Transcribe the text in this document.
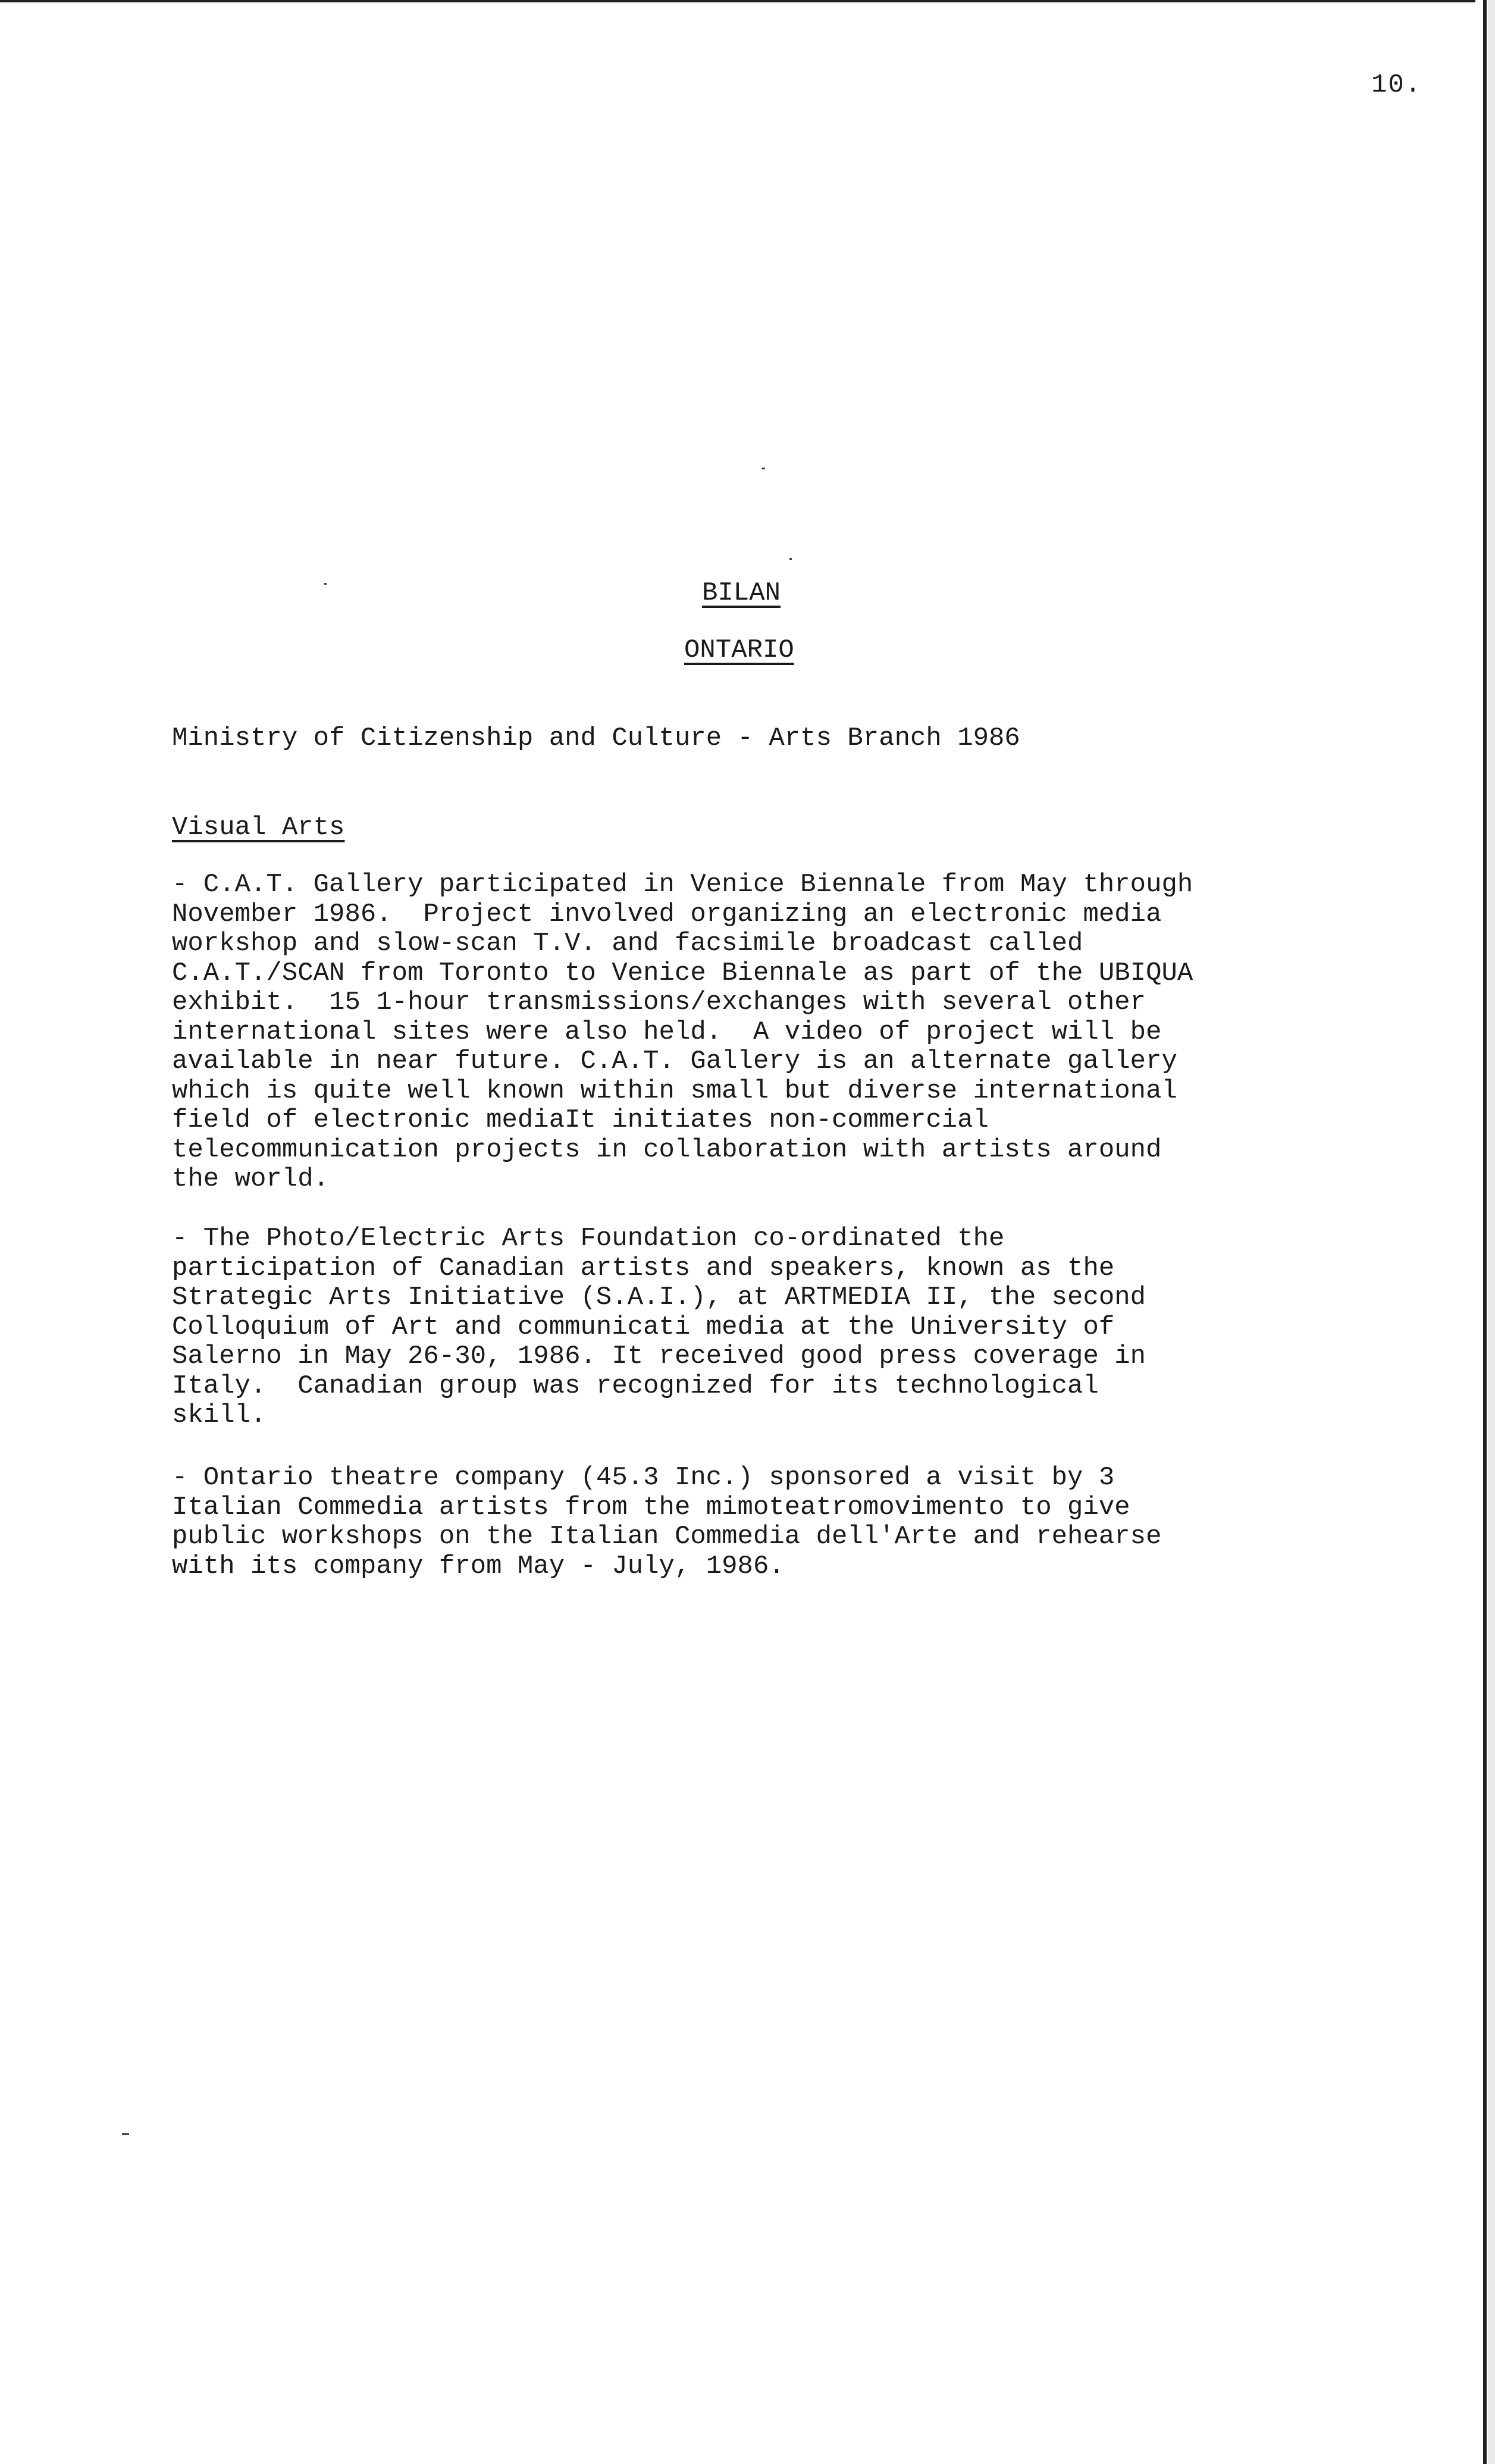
10.
BILAN
ONTARIO
Ministry of Citizenship and Culture - Arts Branch 1986
Visual Arts
- C.A.T. Gallery participated in Venice Biennale from May through
November 1986.  Project involved organizing an electronic media
workshop and slow-scan T.V. and facsimile broadcast called
C.A.T./SCAN from Toronto to Venice Biennale as part of the UBIQUA
exhibit.  15 1-hour transmissions/exchanges with several other
international sites were also held.  A video of project will be
available in near future. C.A.T. Gallery is an alternate gallery
which is quite well known within small but diverse international
field of electronic mediaIt initiates non-commercial
telecommunication projects in collaboration with artists around
the world.
- The Photo/Electric Arts Foundation co-ordinated the
participation of Canadian artists and speakers, known as the
Strategic Arts Initiative (S.A.I.), at ARTMEDIA II, the second
Colloquium of Art and communicati media at the University of
Salerno in May 26-30, 1986. It received good press coverage in
Italy.  Canadian group was recognized for its technological
skill.
- Ontario theatre company (45.3 Inc.) sponsored a visit by 3
Italian Commedia artists from the mimoteatromovimento to give
public workshops on the Italian Commedia dell'Arte and rehearse
with its company from May - July, 1986.
